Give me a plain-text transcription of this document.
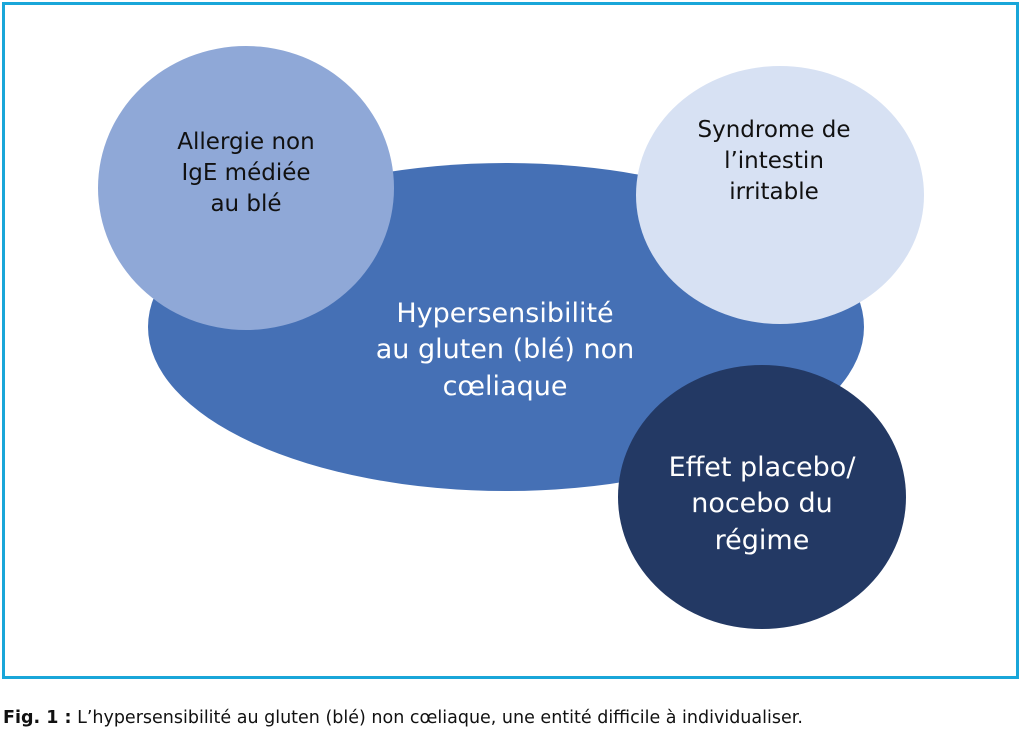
Hypersensibilité
au gluten (blé) non
cœliaque
Allergie non
IgE médiée
au blé
Syndrome de
l’intestin
irritable
Effet placebo/
nocebo du
régime
Fig. 1 : L’hypersensibilité au gluten (blé) non cœliaque, une entité difficile à individualiser.
